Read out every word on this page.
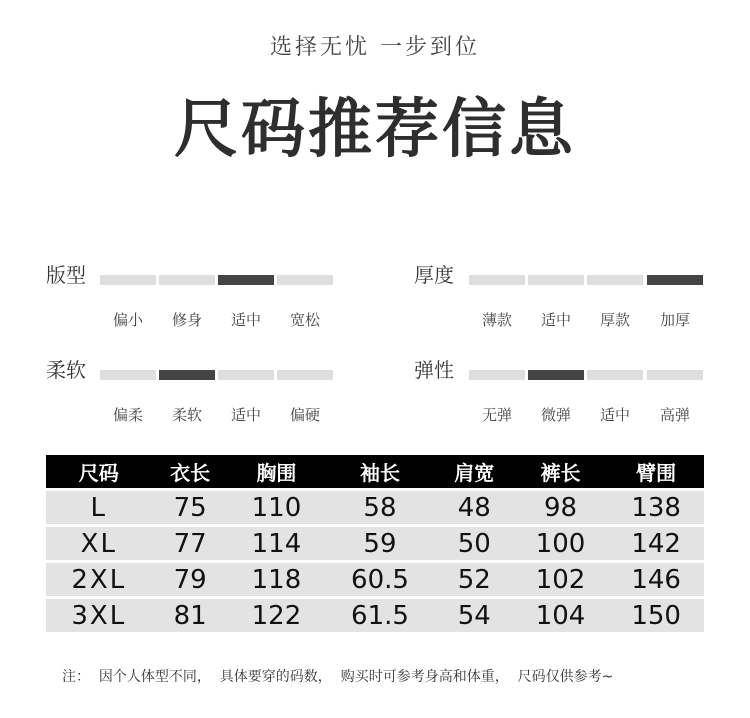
选择无忧 一步到位
尺码推荐信息
版型
偏小	修身	适中	宽松
厚度
薄款	适中	厚款	加厚
柔软
偏柔	柔软	适中	偏硬
弹性
无弹	微弹	适中	高弹
尺码	衣长	胸围	袖长	肩宽	裤长	臂围
L	75	110	58	48	98	138
XL	77	114	59	50	100	142
2XL	79	118	60.5	52	102	146
3XL	81	122	61.5	54	104	150
注：  因个人体型不同，  具体要穿的码数，  购买时可参考身高和体重，  尺码仅供参考~
